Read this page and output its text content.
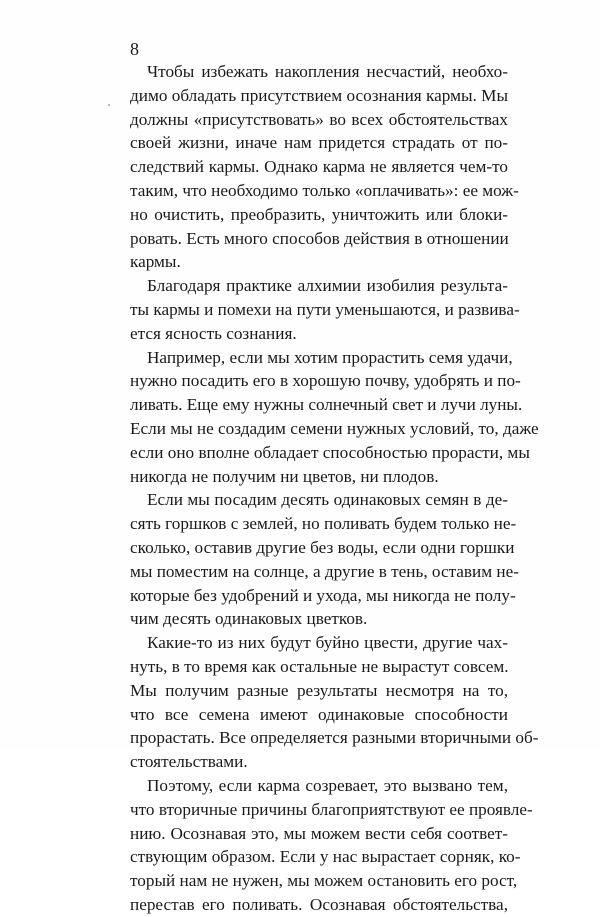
8
Чтобы избежать накопления несчастий, необхо-
димо обладать присутствием осознания кармы. Мы
должны «присутствовать» во всех обстоятельствах
своей жизни, иначе нам придется страдать от по-
следствий кармы. Однако карма не является чем-то
таким, что необходимо только «оплачивать»: ее мож-
но очистить, преобразить, уничтожить или блоки-
ровать. Есть много способов действия в отношении
кармы.
Благодаря практике алхимии изобилия результа-
ты кармы и помехи на пути уменьшаются, и развива-
ется ясность сознания.
Например, если мы хотим прорастить семя удачи,
нужно посадить его в хорошую почву, удобрять и по-
ливать. Еще ему нужны солнечный свет и лучи луны.
Если мы не создадим семени нужных условий, то, даже
если оно вполне обладает способностью прорасти, мы
никогда не получим ни цветов, ни плодов.
Если мы посадим десять одинаковых семян в де-
сять горшков с землей, но поливать будем только не-
сколько, оставив другие без воды, если одни горшки
мы поместим на солнце, а другие в тень, оставим не-
которые без удобрений и ухода, мы никогда не полу-
чим десять одинаковых цветков.
Какие-то из них будут буйно цвести, другие чах-
нуть, в то время как остальные не вырастут совсем.
Мы получим разные результаты несмотря на то,
что все семена имеют одинаковые способности
прорастать. Все определяется разными вторичными об-
стоятельствами.
Поэтому, если карма созревает, это вызвано тем,
что вторичные причины благоприятствуют ее проявле-
нию. Осознавая это, мы можем вести себя соответ-
ствующим образом. Если у нас вырастает сорняк, ко-
торый нам не нужен, мы можем остановить его рост,
перестав его поливать. Осознавая обстоятельства,
